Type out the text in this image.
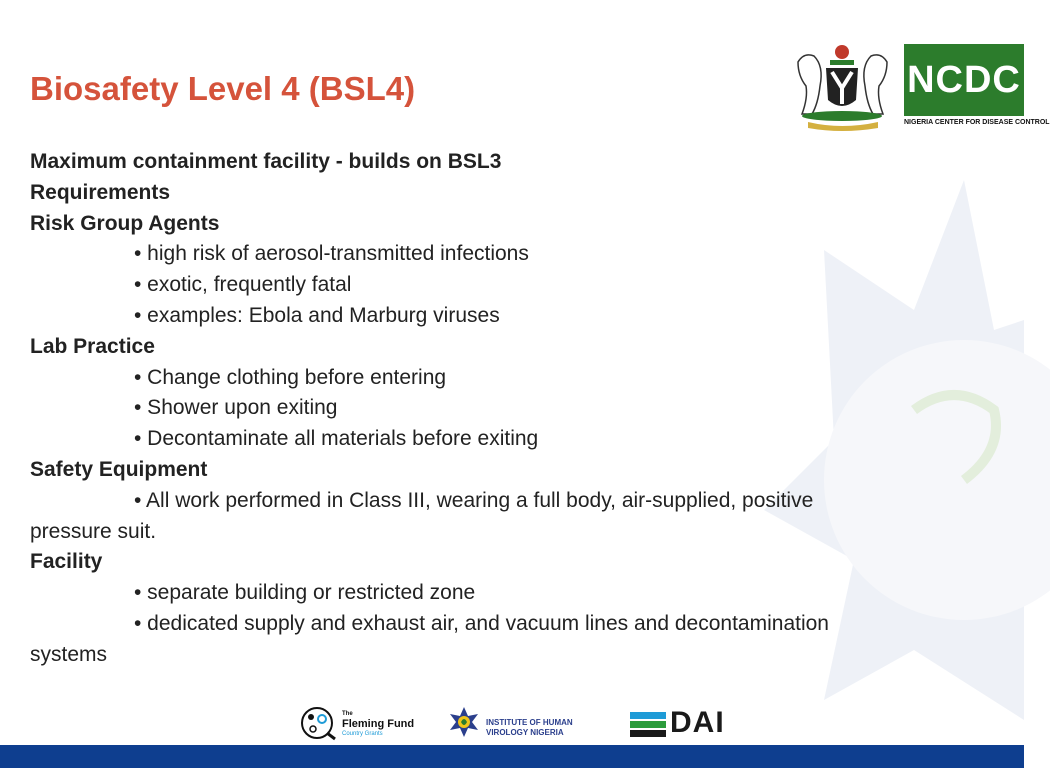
Biosafety Level 4 (BSL4)	NCDC
NIGERIA CENTER FOR DISEASE CONTROL
Maximum containment facility - builds on BSL3
Requirements
Risk Group Agents
• high risk of aerosol-transmitted infections
• exotic, frequently fatal
• examples: Ebola and Marburg viruses
Lab Practice
• Change clothing before entering
• Shower upon exiting
• Decontaminate all materials before exiting
Safety Equipment
• All work performed in Class III, wearing a full body, air-supplied, positive
pressure suit.
Facility
• separate building or restricted zone
• dedicated supply and exhaust air, and vacuum lines and decontamination
systems
The
Fleming Fund
Country Grants
INSTITUTE OF HUMAN
VIROLOGY NIGERIA	DAI
